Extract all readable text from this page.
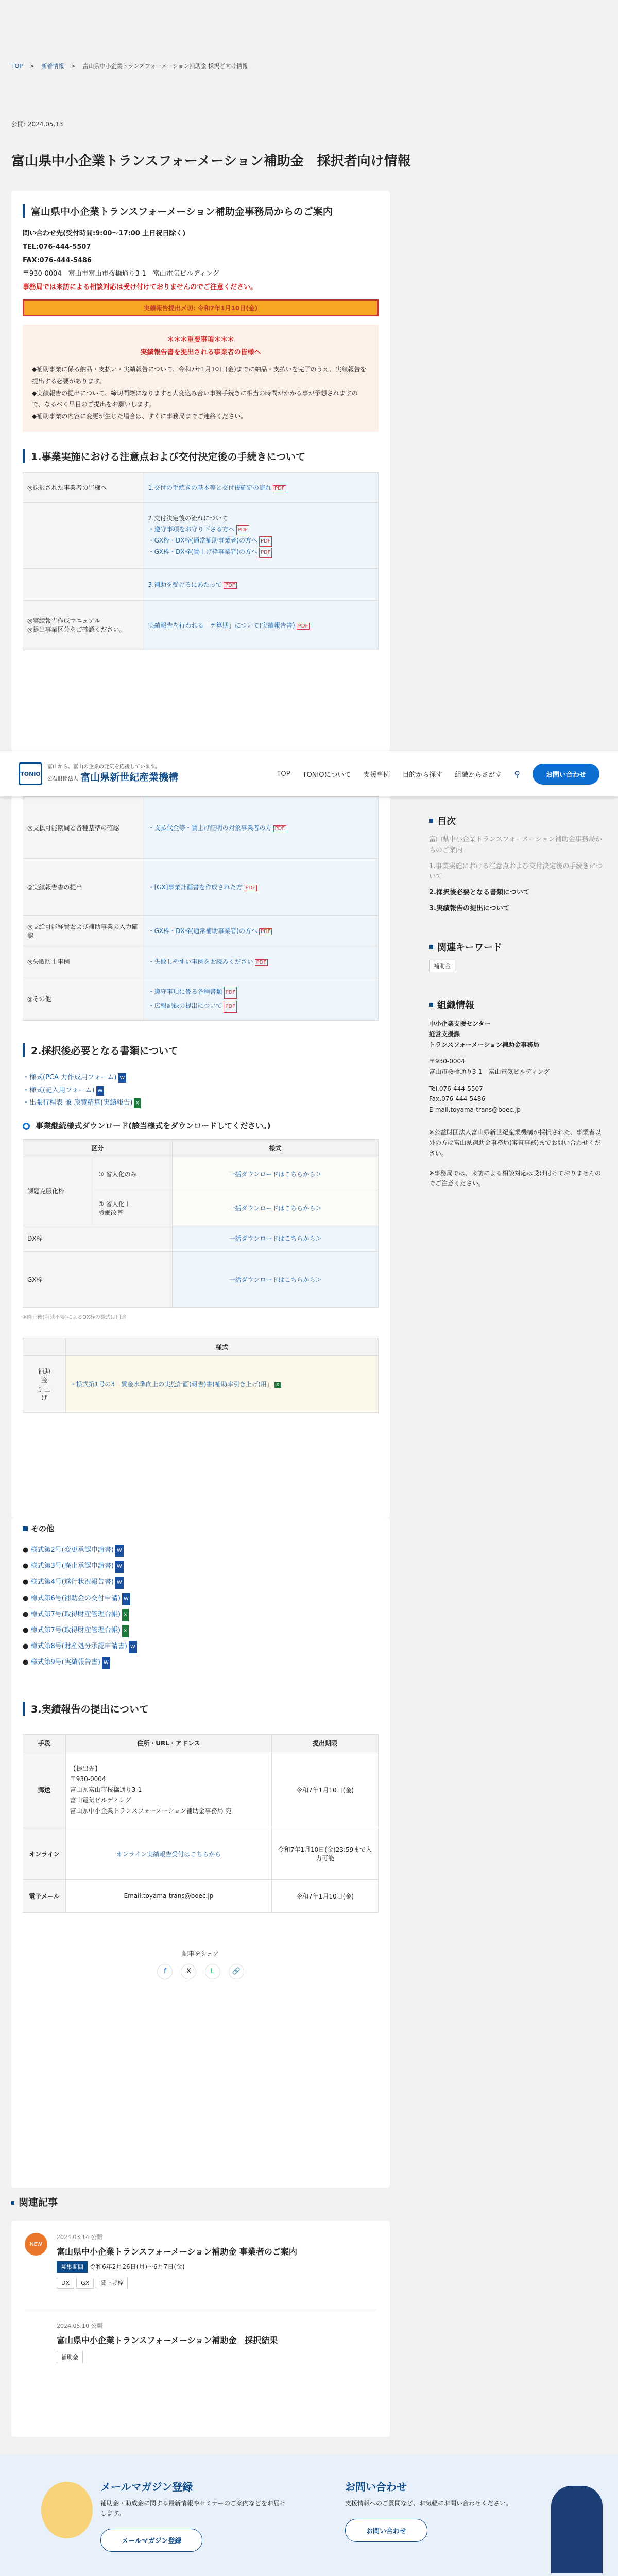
TOP > 新着情報 > 富山県中小企業トランスフォーメーション補助金 採択者向け情報
公開: 2024.05.13
富山県中小企業トランスフォーメーション補助金　採択者向け情報
富山県中小企業トランスフォーメーション補助金事務局からのご案内
問い合わせ先(受付時間:9:00〜17:00 土日祝日除く)
TEL:076-444-5507
FAX:076-444-5486
〒930-0004　富山市富山市桜橋通り3-1　富山電気ビルディング
事務局では来訪による相談対応は受け付けておりませんのでご注意ください。
実績報告提出〆切: 令和7年1月10日(金)
＊＊＊重要事項＊＊＊
実績報告書を提出される事業者の皆様へ
◆補助事業に係る納品・支払い・実績報告について、令和7年1月10日(金)までに納品・支払いを完了のうえ、実績報告を提出する必要があります。
◆実績報告の提出について、締切間際になりますと大変込み合い事務手続きに相当の時間がかかる事が予想されますので、なるべく早目のご提出をお願いします。
◆補助事業の内容に変更が生じた場合は、すぐに事務局までご連絡ください。
1.事業実施における注意点および交付決定後の手続きについて
◎採択された事業者の皆様へ	1.交付の手続きの基本等と交付後確定の流れ PDF

	2.交付決定後の流れについて
・遵守事項をお守り下さる方へ PDF
・GX枠・DX枠(通常補助事業者)の方へ PDF
・GX枠・DX枠(賃上げ枠事業者)の方へ PDF
	3.補助を受けるにあたって PDF
◎実績報告作成マニュアル
◎提出事業区分をご確認ください。	実績報告を行われる「テ算期」について(実績報告書) PDF
TONIO
富山から、富山の企業の元気を応援しています。
公益財団法人 富山県新世紀産業機構	TOP TONIOについて 支援事例 目的から探す 組織からさがす ⚲	お問い合わせ
◎支払可能期間と各種基準の確認	・支払代金等・賃上げ証明の対象事業者の方 PDF
◎実績報告書の提出	・[GX]事業計画書を作成された方 PDF
◎支給可能経費および補助事業の入力確認	・GX枠・DX枠(通常補助事業者)の方へ PDF
◎失敗防止事例	・失敗しやすい事例をお読みください PDF
◎その他	・遵守事項に係る各種書類 PDF
・広報記録の提出について PDF
2.採択後必要となる書類について
・様式(PCA 力作成用フォーム) W
・様式(記入用フォーム) W
・出張行程表 兼 旅費精算(実績報告) X
事業継続様式ダウンロード(該当様式をダウンロードしてください。)
区分		様式
課題克服化枠	③ 省人化のみ	一括ダウンロードはこちらから＞
	③ 省人化＋
労働改善	一括ダウンロードはこちらから＞
DX枠		一括ダウンロードはこちらから＞
GX枠		一括ダウンロードはこちらから＞
※廃止後(削減不要)によるDX枠の様式は別途
	様式
補助
金
引上
げ	・様式第1号の3「賃金水準向上の実施計画(報告)書(補助率引き上げ)用」 X
その他
● 様式第2号(変更承認申請書) W
● 様式第3号(廃止承認申請書) W
● 様式第4号(遂行状況報告書) W
● 様式第6号(補助金の交付申請) W
● 様式第7号(取得財産管理台帳) X
● 様式第7号(取得財産管理台帳) X
● 様式第8号(財産処分承認申請書) W
● 様式第9号(実績報告書) W
3.実績報告の提出について
手段	住所・URL・アドレス	提出期限
郵送	【提出先】
〒930-0004
富山県富山市桜橋通り3-1
富山電気ビルディング
富山県中小企業トランスフォーメーション補助金事務局 宛	令和7年1月10日(金)
オンライン	オンライン実績報告受付はこちらから	令和7年1月10日(金)23:59まで入力可能
電子メール	Email:toyama-trans@boec.jp	令和7年1月10日(金)
記事をシェア
f	X	L	🔗
目次
富山県中小企業トランスフォーメーション補助金事務局からのご案内
1.事業実施における注意点および交付決定後の手続きについて
2.採択後必要となる書類について
3.実績報告の提出について
関連キーワード
補助金
組織情報
中小企業支援センター
経営支援課
トランスフォーメーション補助金事務局
〒930-0004
富山市桜橋通り3-1　富山電気ビルディング
Tel.076-444-5507
Fax.076-444-5486
E-mail.toyama-trans@boec.jp
※公益財団法人富山県新世紀産業機構が採択された、事業者以外の方は富山県補助金事務局(審査事務)までお問い合わせください。
※事務局では、来訪による相談対応は受け付けておりませんのでご注意ください。
関連記事
NEW
2024.03.14 公開
富山県中小企業トランスフォーメーション補助金 事業者のご案内
募集期間 令和6年2月26日(月)〜6月7日(金)
DX GX 賃上げ枠
2024.05.10 公開
富山県中小企業トランスフォーメーション補助金　採択結果
補助金
メールマガジン登録
補助金・助成金に関する最新情報やセミナーのご案内などをお届けします。
メールマガジン登録
お問い合わせ
支援情報へのご質問など、お気軽にお問い合わせください。
お問い合わせ
